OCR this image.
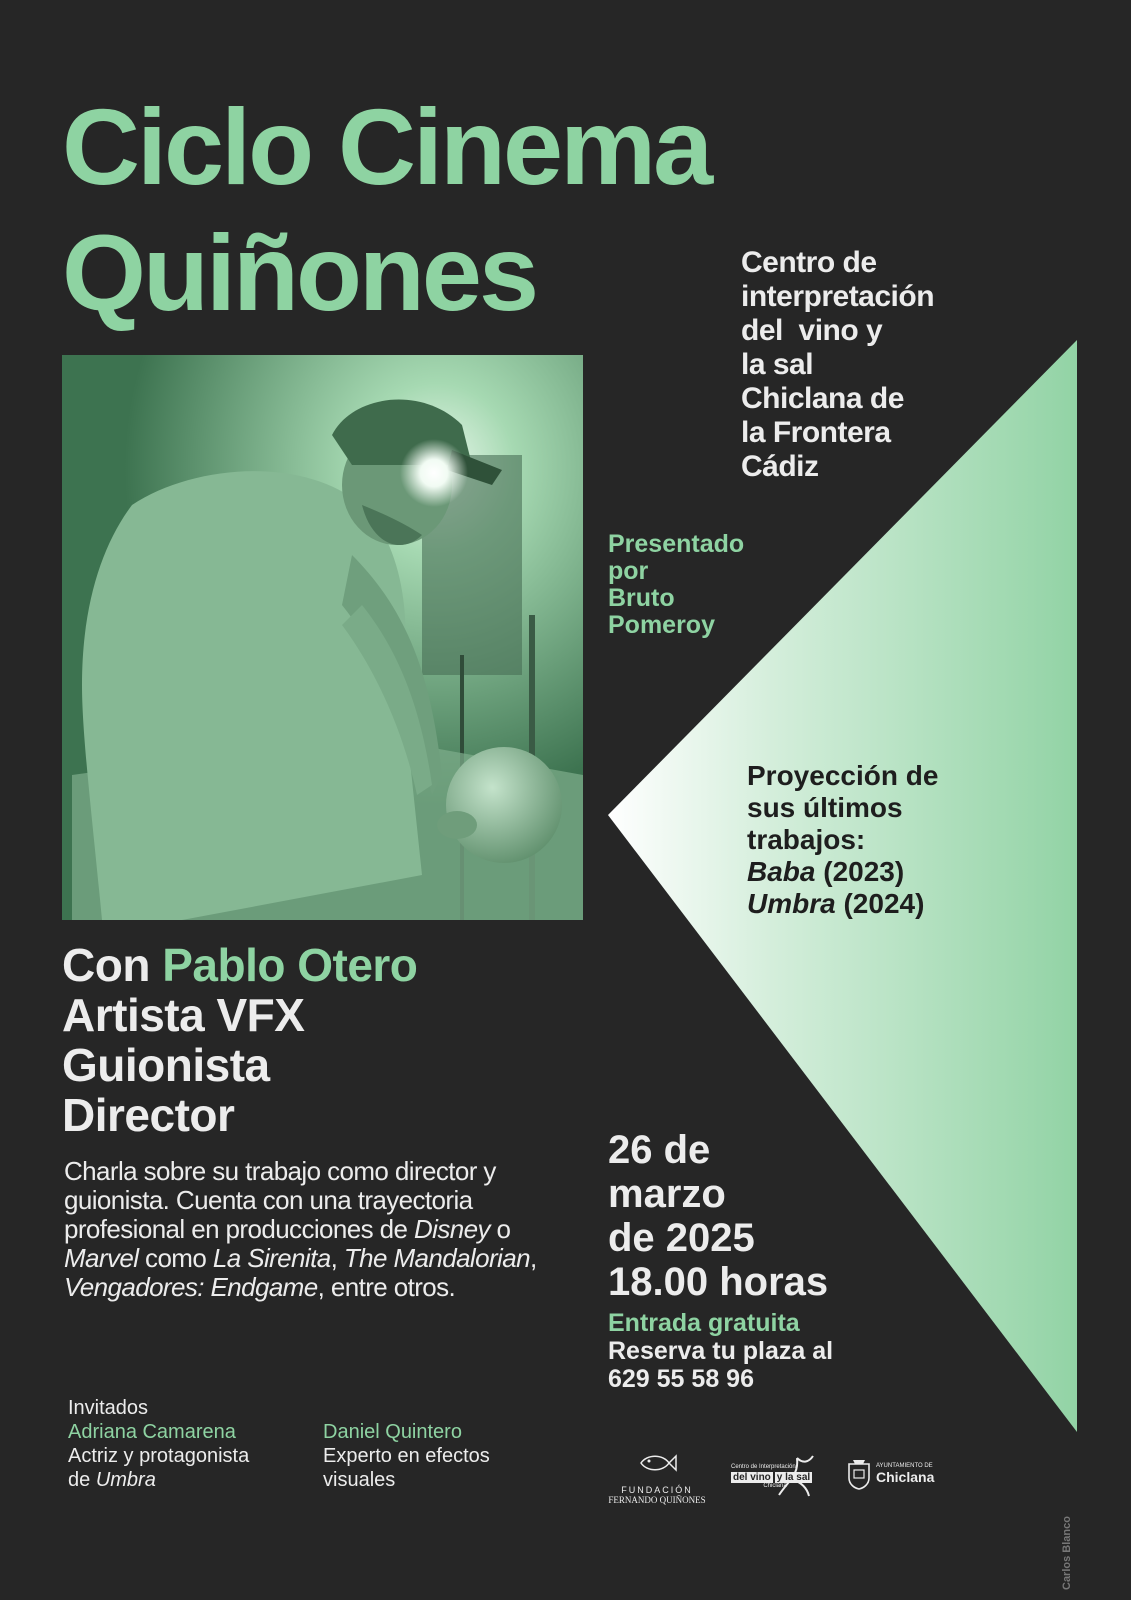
Ciclo Cinema
Quiñones	Centro de
interpretación
del  vino y
la sal
Chiclana de
la Frontera
Cádiz
Presentado
por
Bruto
Pomeroy
Proyección de
sus últimos
trabajos:
Baba (2023)
Umbra (2024)
Con Pablo Otero
Artista VFX
Guionista
Director
Charla sobre su trabajo como director y guionista. Cuenta con una trayectoria profesional en producciones de Disney o Marvel como La Sirenita, The Mandalorian, Vengadores: Endgame, entre otros.
26 de
marzo
de 2025
18.00 horas
Entrada gratuita
Reserva tu plaza al
629 55 58 96
Invitados
Adriana Camarena
Actriz y protagonista
de Umbra
Daniel Quintero
Experto en efectos
visuales	FUNDACIÓN
FERNANDO QUIÑONES
Centro de Interpretación
del vino y la sal
Chiclana
AYUNTAMIENTO DE
Chiclana
Carlos Blanco
